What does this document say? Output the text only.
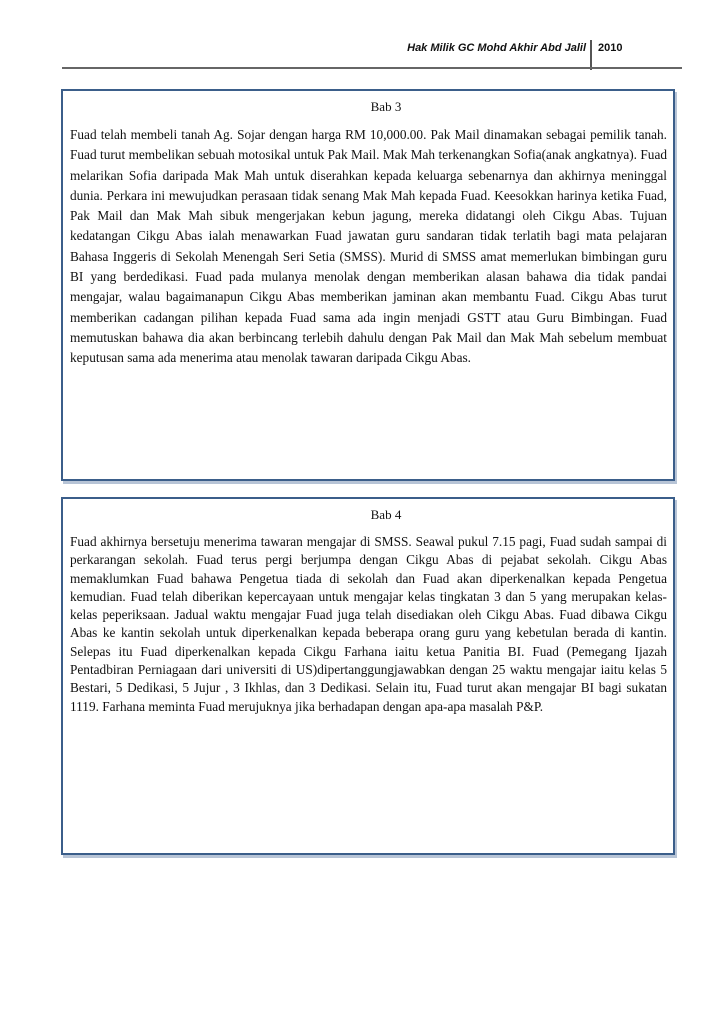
Hak Milik GC Mohd Akhir Abd Jalil 2010
Bab 3
Fuad telah membeli tanah Ag. Sojar dengan harga RM 10,000.00. Pak Mail dinamakan sebagai pemilik tanah. Fuad turut membelikan sebuah motosikal untuk Pak Mail. Mak Mah terkenangkan Sofia(anak angkatnya). Fuad melarikan Sofia daripada Mak Mah untuk diserahkan kepada keluarga sebenarnya dan akhirnya meninggal dunia. Perkara ini mewujudkan perasaan tidak senang Mak Mah kepada Fuad. Keesokkan harinya ketika Fuad, Pak Mail dan Mak Mah sibuk mengerjakan kebun jagung, mereka didatangi oleh Cikgu Abas. Tujuan kedatangan Cikgu Abas ialah menawarkan Fuad jawatan guru sandaran tidak terlatih bagi mata pelajaran Bahasa Inggeris di Sekolah Menengah Seri Setia (SMSS). Murid di SMSS amat memerlukan bimbingan guru BI yang berdedikasi. Fuad pada mulanya menolak dengan memberikan alasan bahawa dia tidak pandai mengajar, walau bagaimanapun Cikgu Abas memberikan jaminan akan membantu Fuad. Cikgu Abas turut memberikan cadangan pilihan kepada Fuad sama ada ingin menjadi GSTT atau Guru Bimbingan. Fuad memutuskan bahawa dia akan berbincang terlebih dahulu dengan Pak Mail dan Mak Mah sebelum membuat keputusan sama ada menerima atau menolak tawaran daripada Cikgu Abas.
Bab 4
Fuad akhirnya bersetuju menerima tawaran mengajar di SMSS. Seawal pukul 7.15 pagi, Fuad sudah sampai di perkarangan sekolah. Fuad terus pergi berjumpa dengan Cikgu Abas di pejabat sekolah. Cikgu Abas memaklumkan Fuad bahawa Pengetua tiada di sekolah dan Fuad akan diperkenalkan kepada Pengetua kemudian. Fuad telah diberikan kepercayaan untuk mengajar kelas tingkatan 3 dan 5 yang merupakan kelas-kelas peperiksaan. Jadual waktu mengajar Fuad juga telah disediakan oleh Cikgu Abas. Fuad dibawa Cikgu Abas ke kantin sekolah untuk diperkenalkan kepada beberapa orang guru yang kebetulan berada di kantin. Selepas itu Fuad diperkenalkan kepada Cikgu Farhana iaitu ketua Panitia BI. Fuad (Pemegang Ijazah Pentadbiran Perniagaan dari universiti di US)dipertanggungjawabkan dengan 25 waktu mengajar iaitu kelas 5 Bestari, 5 Dedikasi, 5 Jujur , 3 Ikhlas, dan 3 Dedikasi. Selain itu, Fuad turut akan mengajar BI bagi sukatan 1119. Farhana meminta Fuad merujuknya jika berhadapan dengan apa-apa masalah P&P.
